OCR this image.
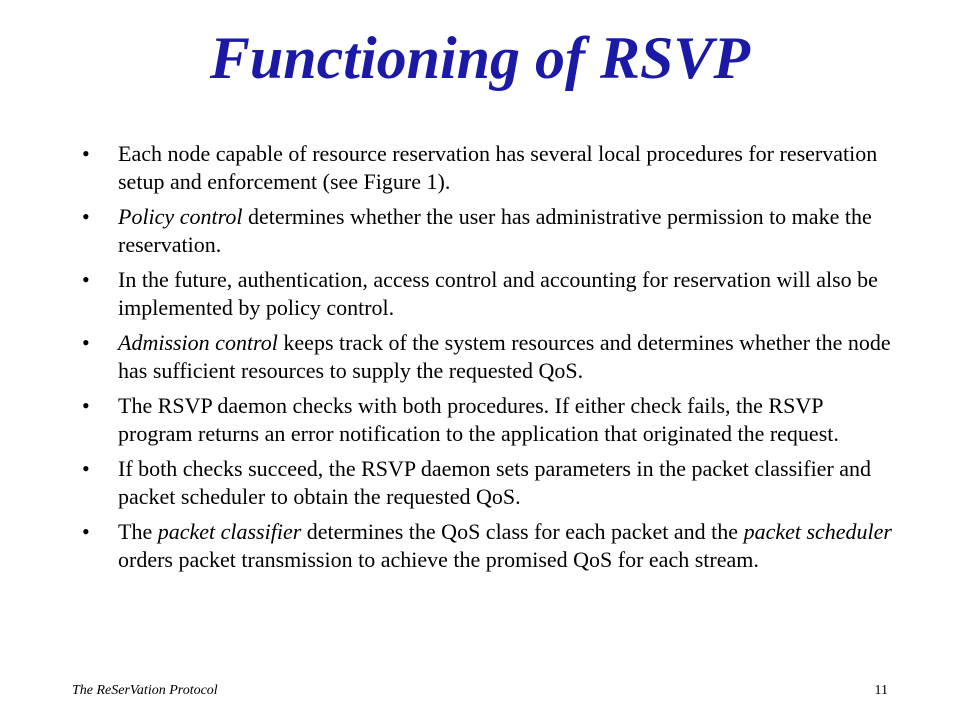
Functioning of RSVP
• Each node capable of resource reservation has several local procedures for reservation setup and enforcement (see Figure 1).
• Policy control determines whether the user has administrative permission to make the reservation.
• In the future, authentication, access control and accounting for reservation will also be implemented by policy control.
• Admission control keeps track of the system resources and determines whether the node has sufficient resources to supply the requested QoS.
• The RSVP daemon checks with both procedures. If either check fails, the RSVP program returns an error notification to the application that originated the request.
• If both checks succeed, the RSVP daemon sets parameters in the packet classifier and packet scheduler to obtain the requested QoS.
• The packet classifier determines the QoS class for each packet and the packet scheduler orders packet transmission to achieve the promised QoS for each stream.
The ReSerVation Protocol	11
